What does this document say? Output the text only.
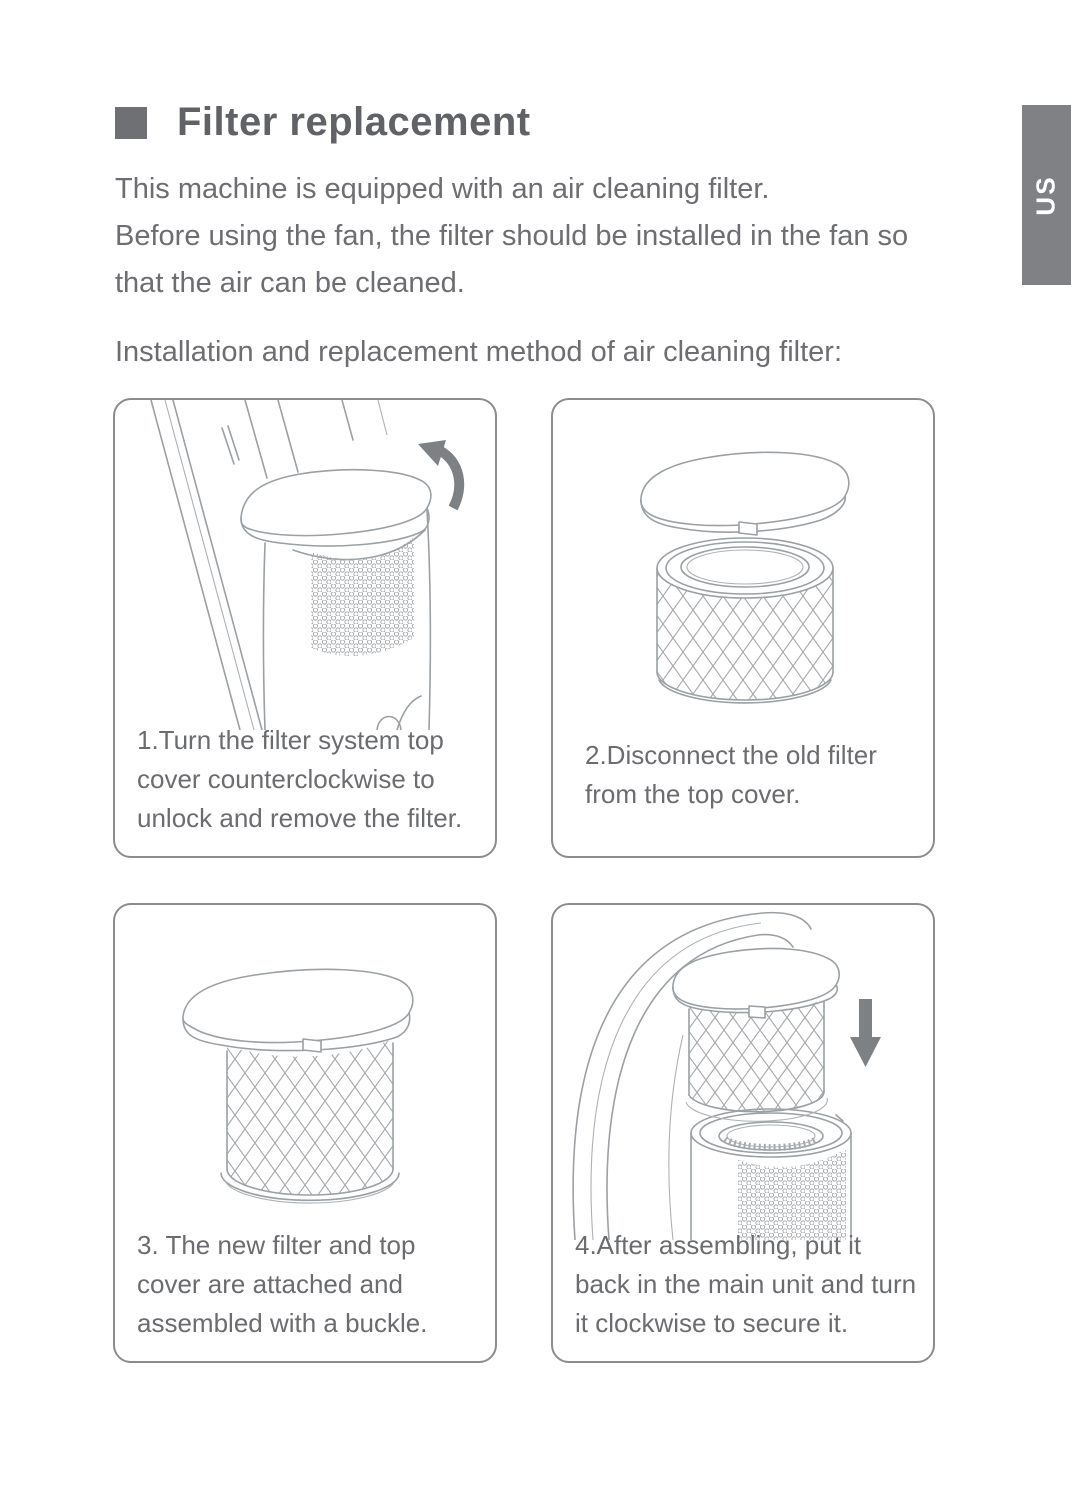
US
Filter replacement
This machine is equipped with an air cleaning filter.
Before using the fan, the filter should be installed in the fan so
that the air can be cleaned.
Installation and replacement method of air cleaning filter:

1.Turn the filter system top cover counterclockwise to unlock and remove the filter.

2.Disconnect the old filter from the top cover.

3. The new filter and top cover are attached and assembled with a buckle.

4.After assembling, put it back in the main unit and turn it clockwise to secure it.
